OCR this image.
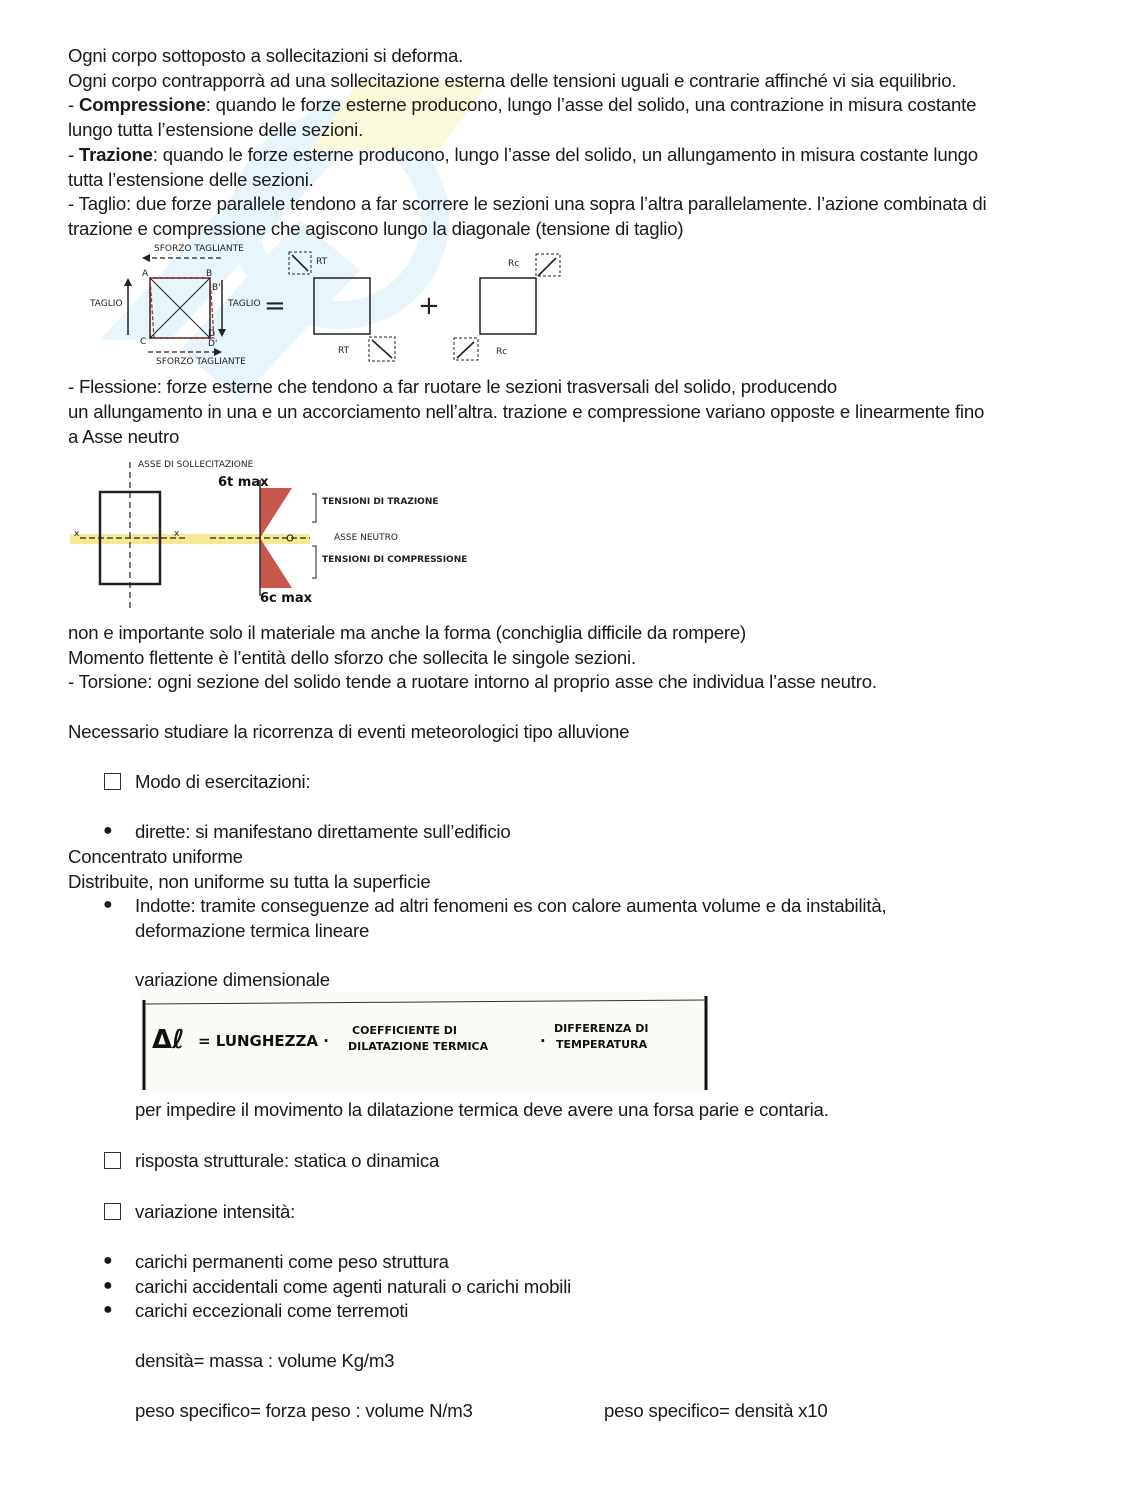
Ogni corpo sottoposto a sollecitazioni si deforma.
Ogni corpo contrapporrà ad una sollecitazione esterna delle tensioni uguali e contrarie affinché vi sia equilibrio.
- Compressione: quando le forze esterne producono, lungo l’asse del solido, una contrazione in misura costante
lungo tutta l’estensione delle sezioni.
- Trazione: quando le forze esterne producono, lungo l’asse del solido, un allungamento in misura costante lungo
tutta l’estensione delle sezioni.
- Taglio: due forze parallele tendono a far scorrere le sezioni una sopra l’altra parallelamente. l’azione combinata di
trazione e compressione che agiscono lungo la diagonale (tensione di taglio)
SFORZO TAGLIANTE
A	B
B'
C
D
D'
TAGLIO	TAGLIO
SFORZO TAGLIANTE
=
RT
RT
+
Rc
Rc
- Flessione: forze esterne che tendono a far ruotare le sezioni trasversali del solido, producendo
un allungamento in una e un accorciamento nell’altra. trazione e compressione variano opposte e linearmente fino
a Asse neutro
ASSE DI SOLLECITAZIONE
x	x
6t max
6c max
TENSIONI DI TRAZIONE
ASSE NEUTRO
TENSIONI DI COMPRESSIONE
non e importante solo il materiale ma anche la forma (conchiglia difficile da rompere)
Momento flettente è l’entità dello sforzo che sollecita le singole sezioni.
- Torsione: ogni sezione del solido tende a ruotare intorno al proprio asse che individua l’asse neutro.
Necessario studiare la ricorrenza di eventi meteorologici tipo alluvione
Modo di esercitazioni:
● dirette: si manifestano direttamente sull’edificio
Concentrato uniforme
Distribuite, non uniforme su tutta la superficie
● Indotte: tramite conseguenze ad altri fenomeni es con calore aumenta volume e da instabilità,
deformazione termica lineare
variazione dimensionale
Δℓ = LUNGHEZZA ·
COEFFICIENTE DI
DILATAZIONE TERMICA	·
DIFFERENZA DI
TEMPERATURA
per impedire il movimento la dilatazione termica deve avere una forsa parie e contaria.
risposta strutturale: statica o dinamica
variazione intensità:
● carichi permanenti come peso struttura
● carichi accidentali come agenti naturali o carichi mobili
● carichi eccezionali come terremoti
densità= massa : volume Kg/m3
peso specifico= forza peso : volume N/m3	peso specifico= densità x10
